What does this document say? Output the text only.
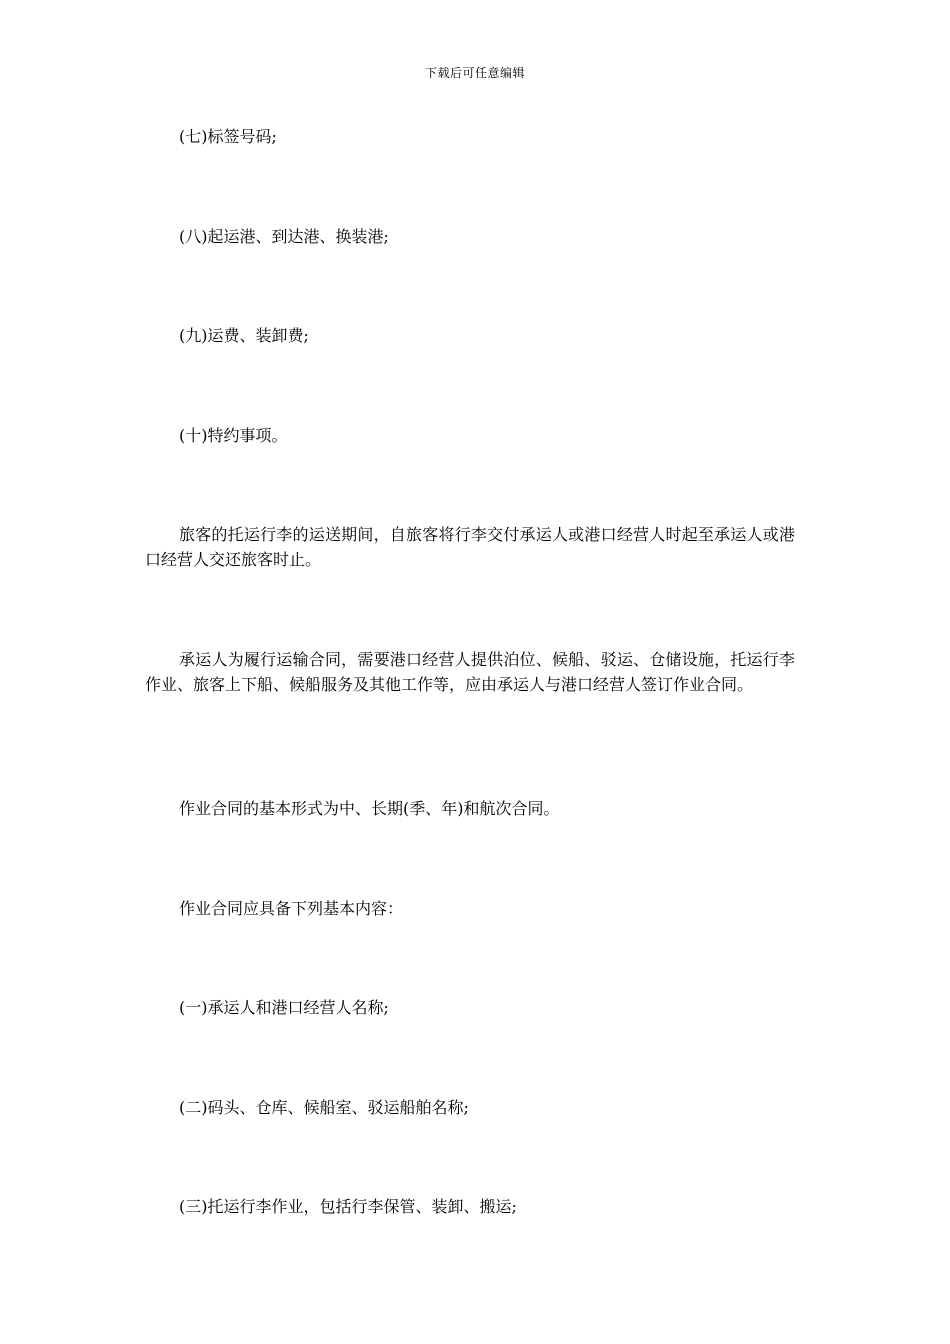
下载后可任意编辑

(七)标签号码;

(八)起运港、到达港、换装港;

(九)运费、装卸费;

(十)特约事项。

旅客的托运行李的运送期间，自旅客将行李交付承运人或港口经营人时起至承运人或港口经营人交还旅客时止。

承运人为履行运输合同，需要港口经营人提供泊位、候船、驳运、仓储设施，托运行李作业、旅客上下船、候船服务及其他工作等，应由承运人与港口经营人签订作业合同。

作业合同的基本形式为中、长期(季、年)和航次合同。

作业合同应具备下列基本内容：

(一)承运人和港口经营人名称;

(二)码头、仓库、候船室、驳运船舶名称;

(三)托运行李作业，包括行李保管、装卸、搬运;
